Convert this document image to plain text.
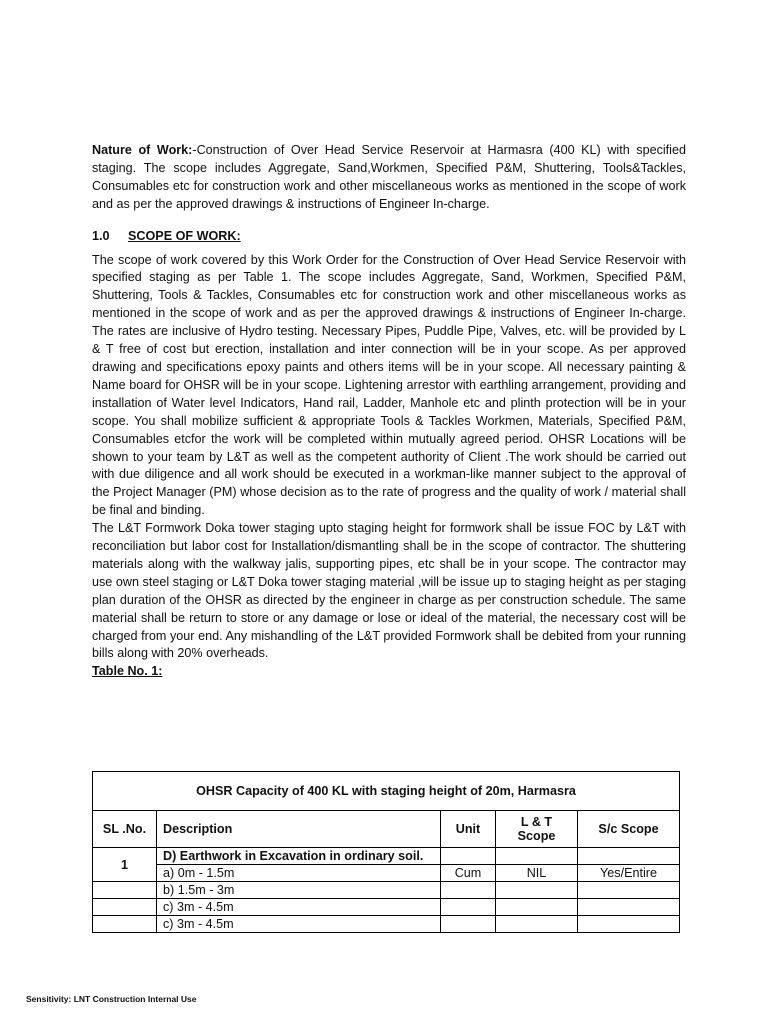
Nature of Work:-Construction of Over Head Service Reservoir at Harmasra (400 KL) with specified staging. The scope includes Aggregate, Sand,Workmen, Specified P&M, Shuttering, Tools&Tackles, Consumables etc for construction work and other miscellaneous works as mentioned in the scope of work and as per the approved drawings & instructions of Engineer In-charge.

1.0 SCOPE OF WORK:

The scope of work covered by this Work Order for the Construction of Over Head Service Reservoir with specified staging as per Table 1. The scope includes Aggregate, Sand, Workmen, Specified P&M, Shuttering, Tools & Tackles, Consumables etc for construction work and other miscellaneous works as mentioned in the scope of work and as per the approved drawings & instructions of Engineer In-charge. The rates are inclusive of Hydro testing. Necessary Pipes, Puddle Pipe, Valves, etc. will be provided by L & T free of cost but erection, installation and inter connection will be in your scope. As per approved drawing and specifications epoxy paints and others items will be in your scope. All necessary painting & Name board for OHSR will be in your scope. Lightening arrestor with earthling arrangement, providing and installation of Water level Indicators, Hand rail, Ladder, Manhole etc and plinth protection will be in your scope. You shall mobilize sufficient & appropriate Tools & Tackles Workmen, Materials, Specified P&M, Consumables etcfor the work will be completed within mutually agreed period. OHSR Locations will be shown to your team by L&T as well as the competent authority of Client .The work should be carried out with due diligence and all work should be executed in a workman-like manner subject to the approval of the Project Manager (PM) whose decision as to the rate of progress and the quality of work / material shall be final and binding.

The L&T Formwork Doka tower staging upto staging height for formwork shall be issue FOC by L&T with reconciliation but labor cost for Installation/dismantling shall be in the scope of contractor. The shuttering materials along with the walkway jalis, supporting pipes, etc shall be in your scope. The contractor may use own steel staging or L&T Doka tower staging material ,will be issue up to staging height as per staging plan duration of the OHSR as directed by the engineer in charge as per construction schedule. The same material shall be return to store or any damage or lose or ideal of the material, the necessary cost will be charged from your end. Any mishandling of the L&T provided Formwork shall be debited from your running bills along with 20% overheads.

Table No. 1:

OHSR Capacity of 400 KL with staging height of 20m, Harmasra				
SL .No.	Description	Unit	L & T Scope	S/c Scope
1	D) Earthwork in Excavation in ordinary soil.			
	a) 0m - 1.5m	Cum	NIL	Yes/Entire
	b) 1.5m - 3m			
	c) 3m - 4.5m			
	c) 3m - 4.5m			
Sensitivity: LNT Construction Internal Use
